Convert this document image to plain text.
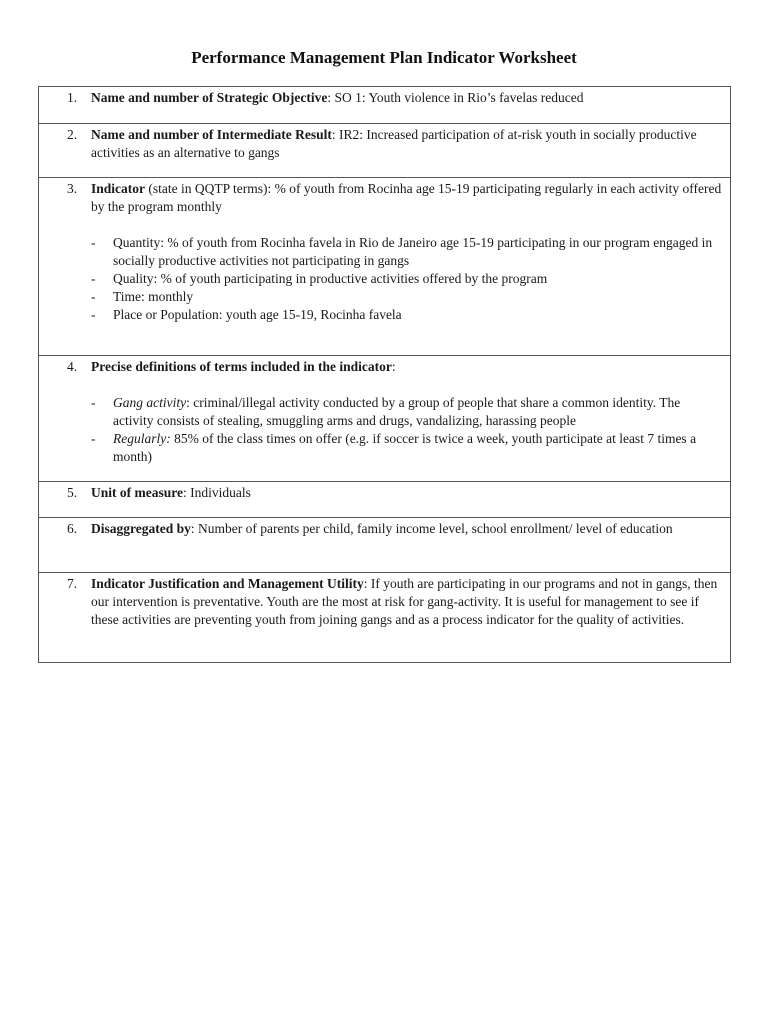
Performance Management Plan Indicator Worksheet
1.	Name and number of Strategic Objective: SO 1: Youth violence in Rio’s favelas reduced
2.	Name and number of Intermediate Result: IR2: Increased participation of at-risk youth in socially productive activities as an alternative to gangs
3.	Indicator (state in QQTP terms): % of youth from Rocinha age 15-19 participating regularly in each activity offered by the program monthly
- Quantity: % of youth from Rocinha favela in Rio de Janeiro age 15-19 participating in our program engaged in socially productive activities not participating in gangs
- Quality: % of youth participating in productive activities offered by the program
- Time: monthly
- Place or Population: youth age 15-19, Rocinha favela
4.	Precise definitions of terms included in the indicator:
- Gang activity: criminal/illegal activity conducted by a group of people that share a common identity. The activity consists of stealing, smuggling arms and drugs, vandalizing, harassing people
- Regularly: 85% of the class times on offer (e.g. if soccer is twice a week, youth participate at least 7 times a month)
5.	Unit of measure: Individuals
6.	Disaggregated by: Number of parents per child, family income level, school enrollment/ level of education
7.	Indicator Justification and Management Utility: If youth are participating in our programs and not in gangs, then our intervention is preventative. Youth are the most at risk for gang-activity. It is useful for management to see if these activities are preventing youth from joining gangs and as a process indicator for the quality of activities.
